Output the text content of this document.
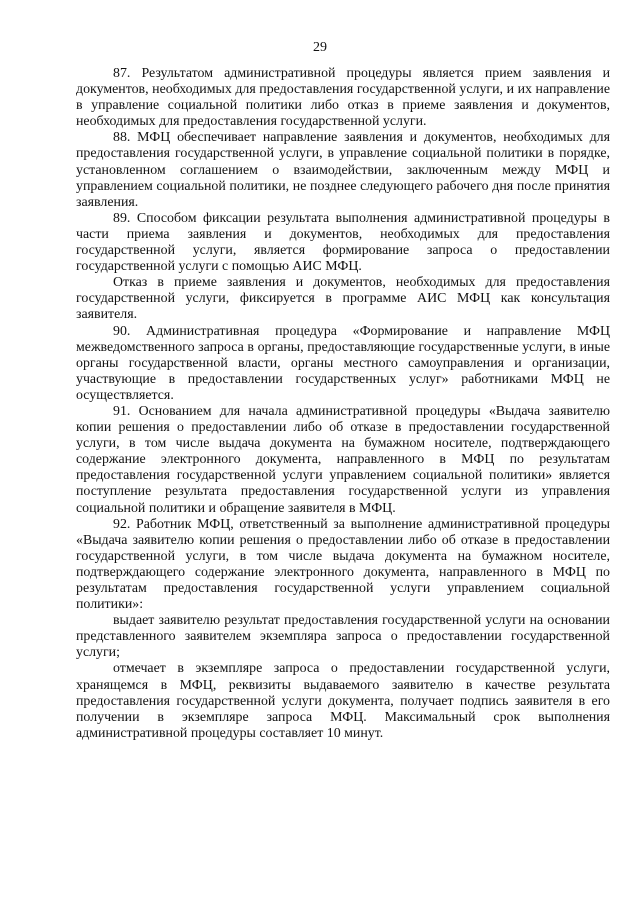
29

87. Результатом административной процедуры является прием заявления и документов, необходимых для предоставления государственной услуги, и их направление в управление социальной политики либо отказ в приеме заявления и документов, необходимых для предоставления государственной услуги.

88. МФЦ обеспечивает направление заявления и документов, необходимых для предоставления государственной услуги, в управление социальной политики в порядке, установленном соглашением о взаимодействии, заключенным между МФЦ и управлением социальной политики, не позднее следующего рабочего дня после принятия заявления.

89. Способом фиксации результата выполнения административной процедуры в части приема заявления и документов, необходимых для предоставления государственной услуги, является формирование запроса о предоставлении государственной услуги с помощью АИС МФЦ.

Отказ в приеме заявления и документов, необходимых для предоставления государственной услуги, фиксируется в программе АИС МФЦ как консультация заявителя.

90. Административная процедура «Формирование и направление МФЦ межведомственного запроса в органы, предоставляющие государственные услуги, в иные органы государственной власти, органы местного самоуправления и организации, участвующие в предоставлении государственных услуг» работниками МФЦ не осуществляется.

91. Основанием для начала административной процедуры «Выдача заявителю копии решения о предоставлении либо об отказе в предоставлении государственной услуги, в том числе выдача документа на бумажном носителе, подтверждающего содержание электронного документа, направленного в МФЦ по результатам предоставления государственной услуги управлением социальной политики» является поступление результата предоставления государственной услуги из управления социальной политики и обращение заявителя в МФЦ.

92. Работник МФЦ, ответственный за выполнение административной процедуры «Выдача заявителю копии решения о предоставлении либо об отказе в предоставлении государственной услуги, в том числе выдача документа на бумажном носителе, подтверждающего содержание электронного документа, направленного в МФЦ по результатам предоставления государственной услуги управлением социальной политики»:

выдает заявителю результат предоставления государственной услуги на основании представленного заявителем экземпляра запроса о предоставлении государственной услуги;

отмечает в экземпляре запроса о предоставлении государственной услуги, хранящемся в МФЦ, реквизиты выдаваемого заявителю в качестве результата предоставления государственной услуги документа, получает подпись заявителя в его получении в экземпляре запроса МФЦ. Максимальный срок выполнения административной процедуры составляет 10 минут.
